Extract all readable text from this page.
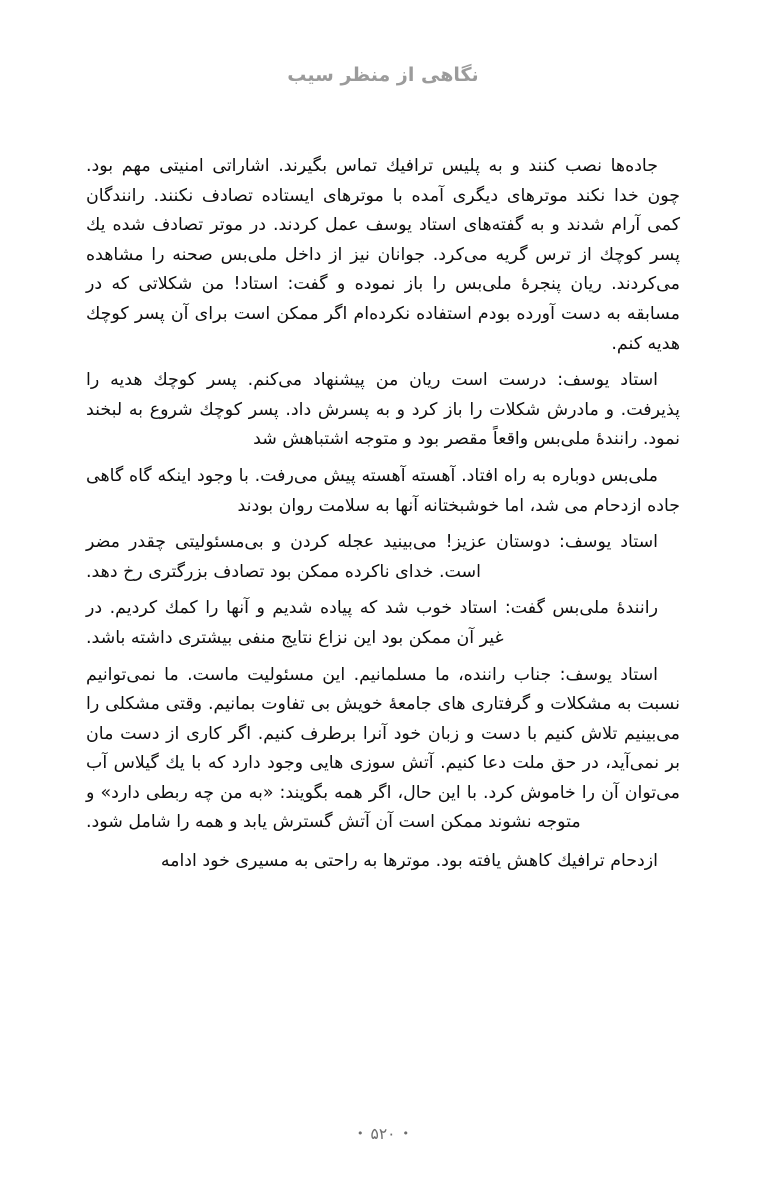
نگاهی از منظر سیب

جاده‌ها نصب کنند و به پلیس ترافیك تماس بگیرند. اشاراتی امنیتی مهم بود. چون خدا نکند موترهای دیگری آمده با موترهای ایستاده تصادف نکنند. رانندگان کمی آرام شدند و به گفته‌های استاد یوسف عمل کردند. در موتر تصادف شده یك پسر کوچك از ترس گریه می‌کرد. جوانان نیز از داخل ملی‌بس صحنه را مشاهده می‌کردند. ریان پنجرهٔ ملی‌بس را باز نموده و گفت: استاد! من شکلاتی که در مسابقه به دست آورده بودم استفاده نکرده‌ام اگر ممکن است برای آن پسر کوچك هدیه کنم.

استاد یوسف: درست است ریان من پیشنهاد می‌کنم. پسر کوچك هدیه را پذیرفت. و مادرش شکلات را باز کرد و به پسرش داد. پسر کوچك شروع به لبخند نمود. رانندۀ ملی‌بس واقعاً مقصر بود و متوجه اشتباهش شد

ملی‌بس دوباره به راه افتاد. آهسته آهسته پیش می‌رفت. با وجود اینکه گاه گاهی جاده ازدحام می شد، اما خوشبختانه آنها به سلامت روان بودند

استاد یوسف: دوستان عزیز! می‌بینید عجله کردن و بی‌مسئولیتی چقدر مضر است. خدای ناکرده ممکن بود تصادف بزرگتری رخ دهد.

رانندۀ ملی‌بس گفت: استاد خوب شد که پیاده شدیم و آنها را کمك کردیم. در غیر آن ممکن بود این نزاع نتایج منفی بیشتری داشته باشد.

استاد یوسف: جناب راننده، ما مسلمانیم. این مسئولیت ماست. ما نمی‌توانیم نسبت به مشکلات و گرفتاری های جامعهٔ خویش بی تفاوت بمانیم. وقتی مشکلی را می‌بینیم تلاش کنیم با دست و زبان خود آنرا برطرف کنیم. اگر کاری از دست مان بر نمی‌آید، در حق ملت دعا کنیم. آتش سوزی هایی وجود دارد که با یك گیلاس آب می‌توان آن را خاموش کرد. با این حال، اگر همه بگویند: «به من چه ربطی دارد» و متوجه نشوند ممکن است آن آتش گسترش یابد و همه را شامل شود.

ازدحام ترافیك کاهش یافته بود. موترها به راحتی به مسیری خود ادامه

•۵۲۰•
